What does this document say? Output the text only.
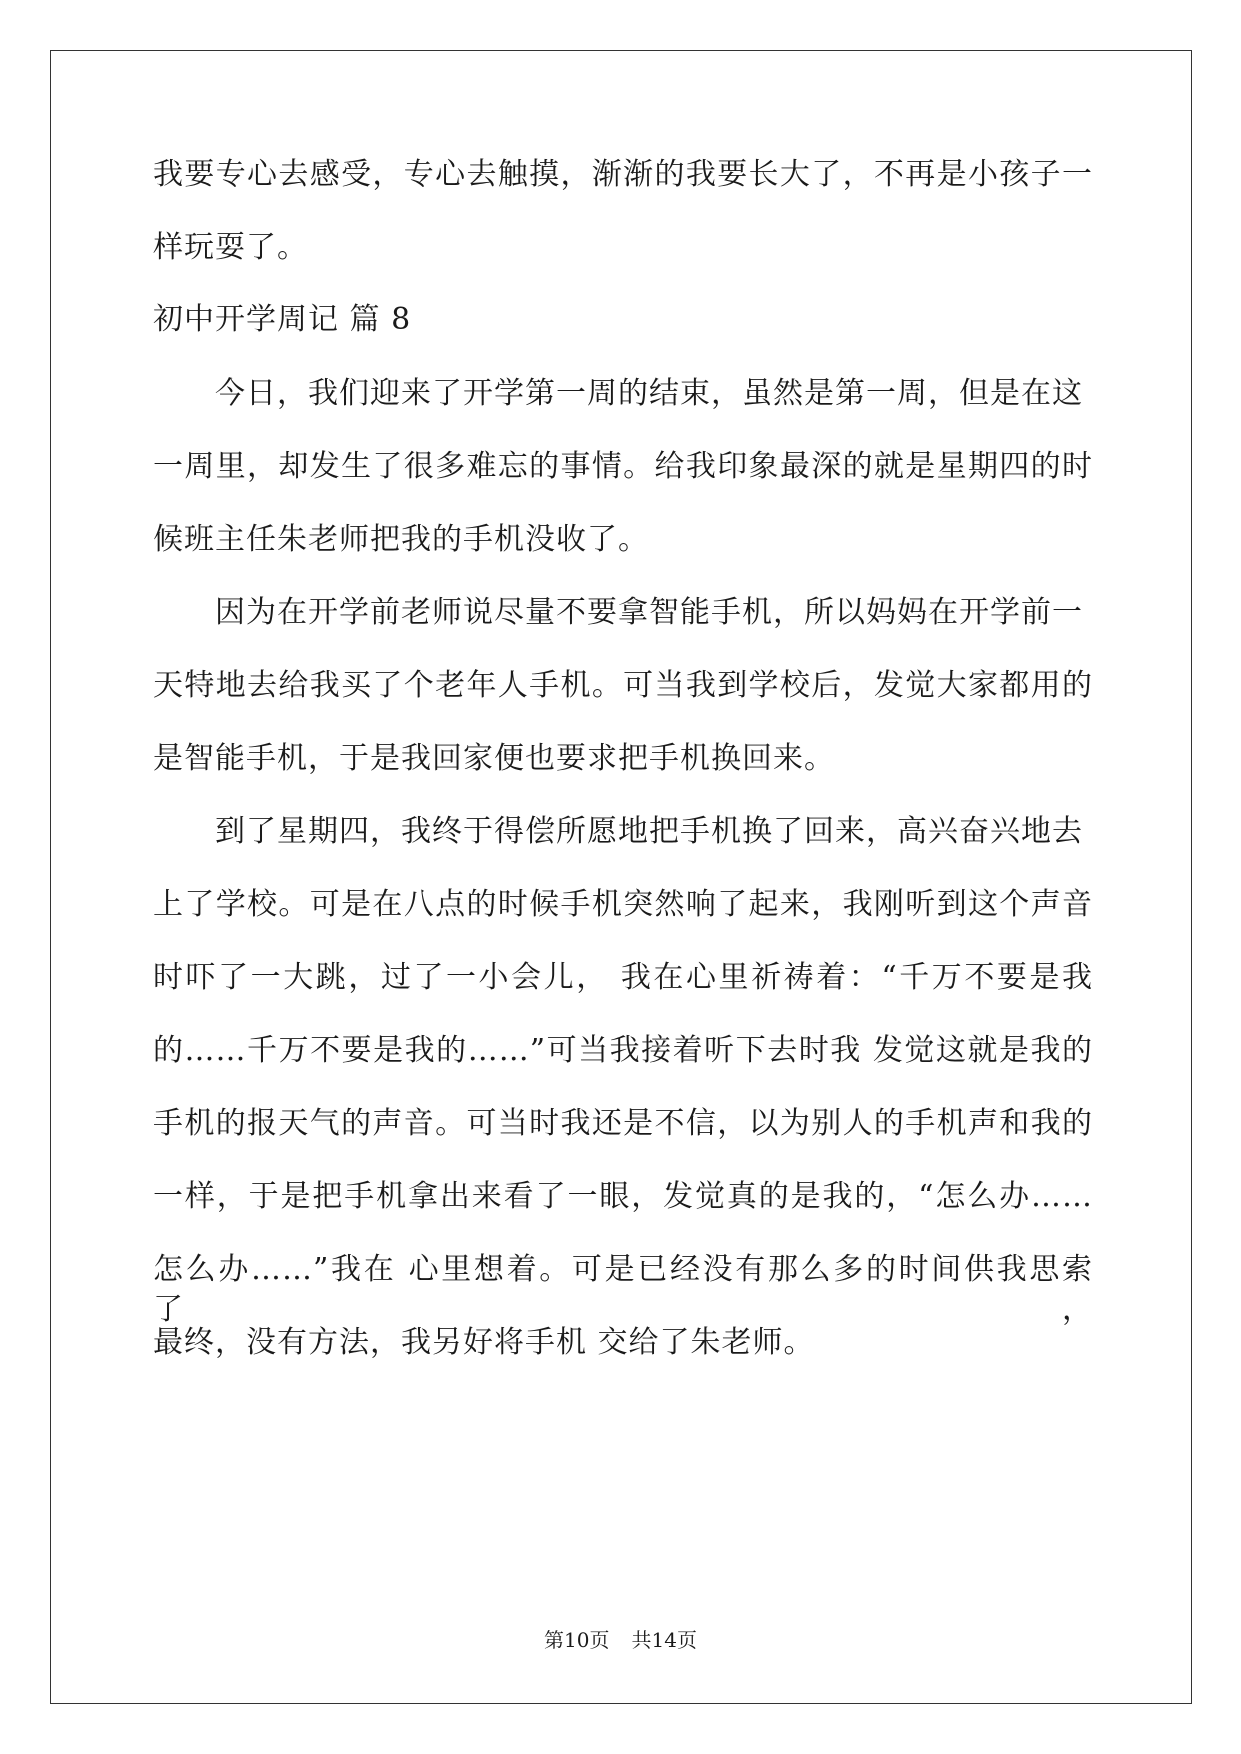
我要专心去感受，专心去触摸，渐渐的我要长大了，不再是小孩子一
样玩耍了。
初中开学周记 篇 8
今日，我们迎来了开学第一周的结束，虽然是第一周，但是在这
一周里，却发生了很多难忘的事情。给我印象最深的就是星期四的时
候班主任朱老师把我的手机没收了。
因为在开学前老师说尽量不要拿智能手机，所以妈妈在开学前一
天特地去给我买了个老年人手机。可当我到学校后，发觉大家都用的
是智能手机，于是我回家便也要求把手机换回来。
到了星期四，我终于得偿所愿地把手机换了回来，高兴奋兴地去
上了学校。可是在八点的时候手机突然响了起来，我刚听到这个声音
时吓了一大跳，过了一小会儿， 我在心里祈祷着：“千万不要是我
的……千万不要是我的……”可当我接着听下去时我 发觉这就是我的
手机的报天气的声音。可当时我还是不信，以为别人的手机声和我的
一样，于是把手机拿出来看了一眼，发觉真的是我的，“怎么办……
怎么办……”我在 心里想着。可是已经没有那么多的时间供我思索了，
最终，没有方法，我另好将手机 交给了朱老师。
第10页 共14页
